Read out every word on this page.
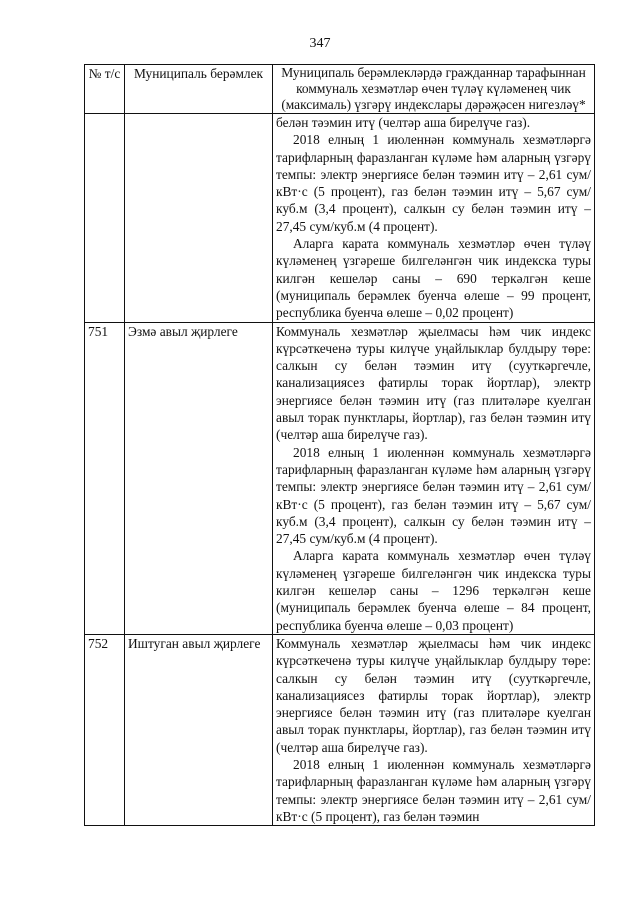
347
№ т/с	Муниципаль берәмлек	Муниципаль берәмлекләрдә гражданнар тарафыннан коммуналь хезмәтләр өчен түләү күләменең чик (максималь) үзгәрү индекслары дәрәҗәсен нигезләү*

		белән тәэмин итү (челтәр аша бирелүче газ).

2018 елның 1 июленнән коммуналь хезмәтләргә тарифларның фаразланган күләме һәм аларның үзгәрү темпы: электр энергиясе белән тәэмин итү – 2,61 сум/кВт·с (5 процент), газ белән тәэмин итү – 5,67 сум/куб.м (3,4 процент), салкын су белән тәэмин итү – 27,45 сум/куб.м (4 процент).

Аларга карата коммуналь хезмәтләр өчен түләү күләменең үзгәреше билгеләнгән чик индекска туры килгән кешеләр саны – 690 теркәлгән кеше (муниципаль берәмлек буенча өлеше – 99 процент, республика буенча өлеше – 0,02 процент)

751	Эзмә авыл җирлеге	Коммуналь хезмәтләр җыелмасы һәм чик индекс күрсәткеченә туры килүче уңайлыклар булдыру төре: салкын су белән тәэмин итү (сууткәргечле, канализациясез фатирлы торак йортлар), электр энергиясе белән тәэмин итү (газ плитәләре куелган авыл торак пунктлары, йортлар), газ белән тәэмин итү (челтәр аша бирелүче газ).

2018 елның 1 июленнән коммуналь хезмәтләргә тарифларның фаразланган күләме һәм аларның үзгәрү темпы: электр энергиясе белән тәэмин итү – 2,61 сум/кВт·с (5 процент), газ белән тәэмин итү – 5,67 сум/куб.м (3,4 процент), салкын су белән тәэмин итү – 27,45 сум/куб.м (4 процент).

Аларга карата коммуналь хезмәтләр өчен түләү күләменең үзгәреше билгеләнгән чик индекска туры килгән кешеләр саны – 1296 теркәлгән кеше (муниципаль берәмлек буенча өлеше – 84 процент, республика буенча өлеше – 0,03 процент)

752	Иштуган авыл җирлеге	Коммуналь хезмәтләр җыелмасы һәм чик индекс күрсәткеченә туры килүче уңайлыклар булдыру төре: салкын су белән тәэмин итү (сууткәргечле, канализациясез фатирлы торак йортлар), электр энергиясе белән тәэмин итү (газ плитәләре куелган авыл торак пунктлары, йортлар), газ белән тәэмин итү (челтәр аша бирелүче газ).

2018 елның 1 июленнән коммуналь хезмәтләргә тарифларның фаразланган күләме һәм аларның үзгәрү темпы: электр энергиясе белән тәэмин итү – 2,61 сум/кВт·с (5 процент), газ белән тәэмин
